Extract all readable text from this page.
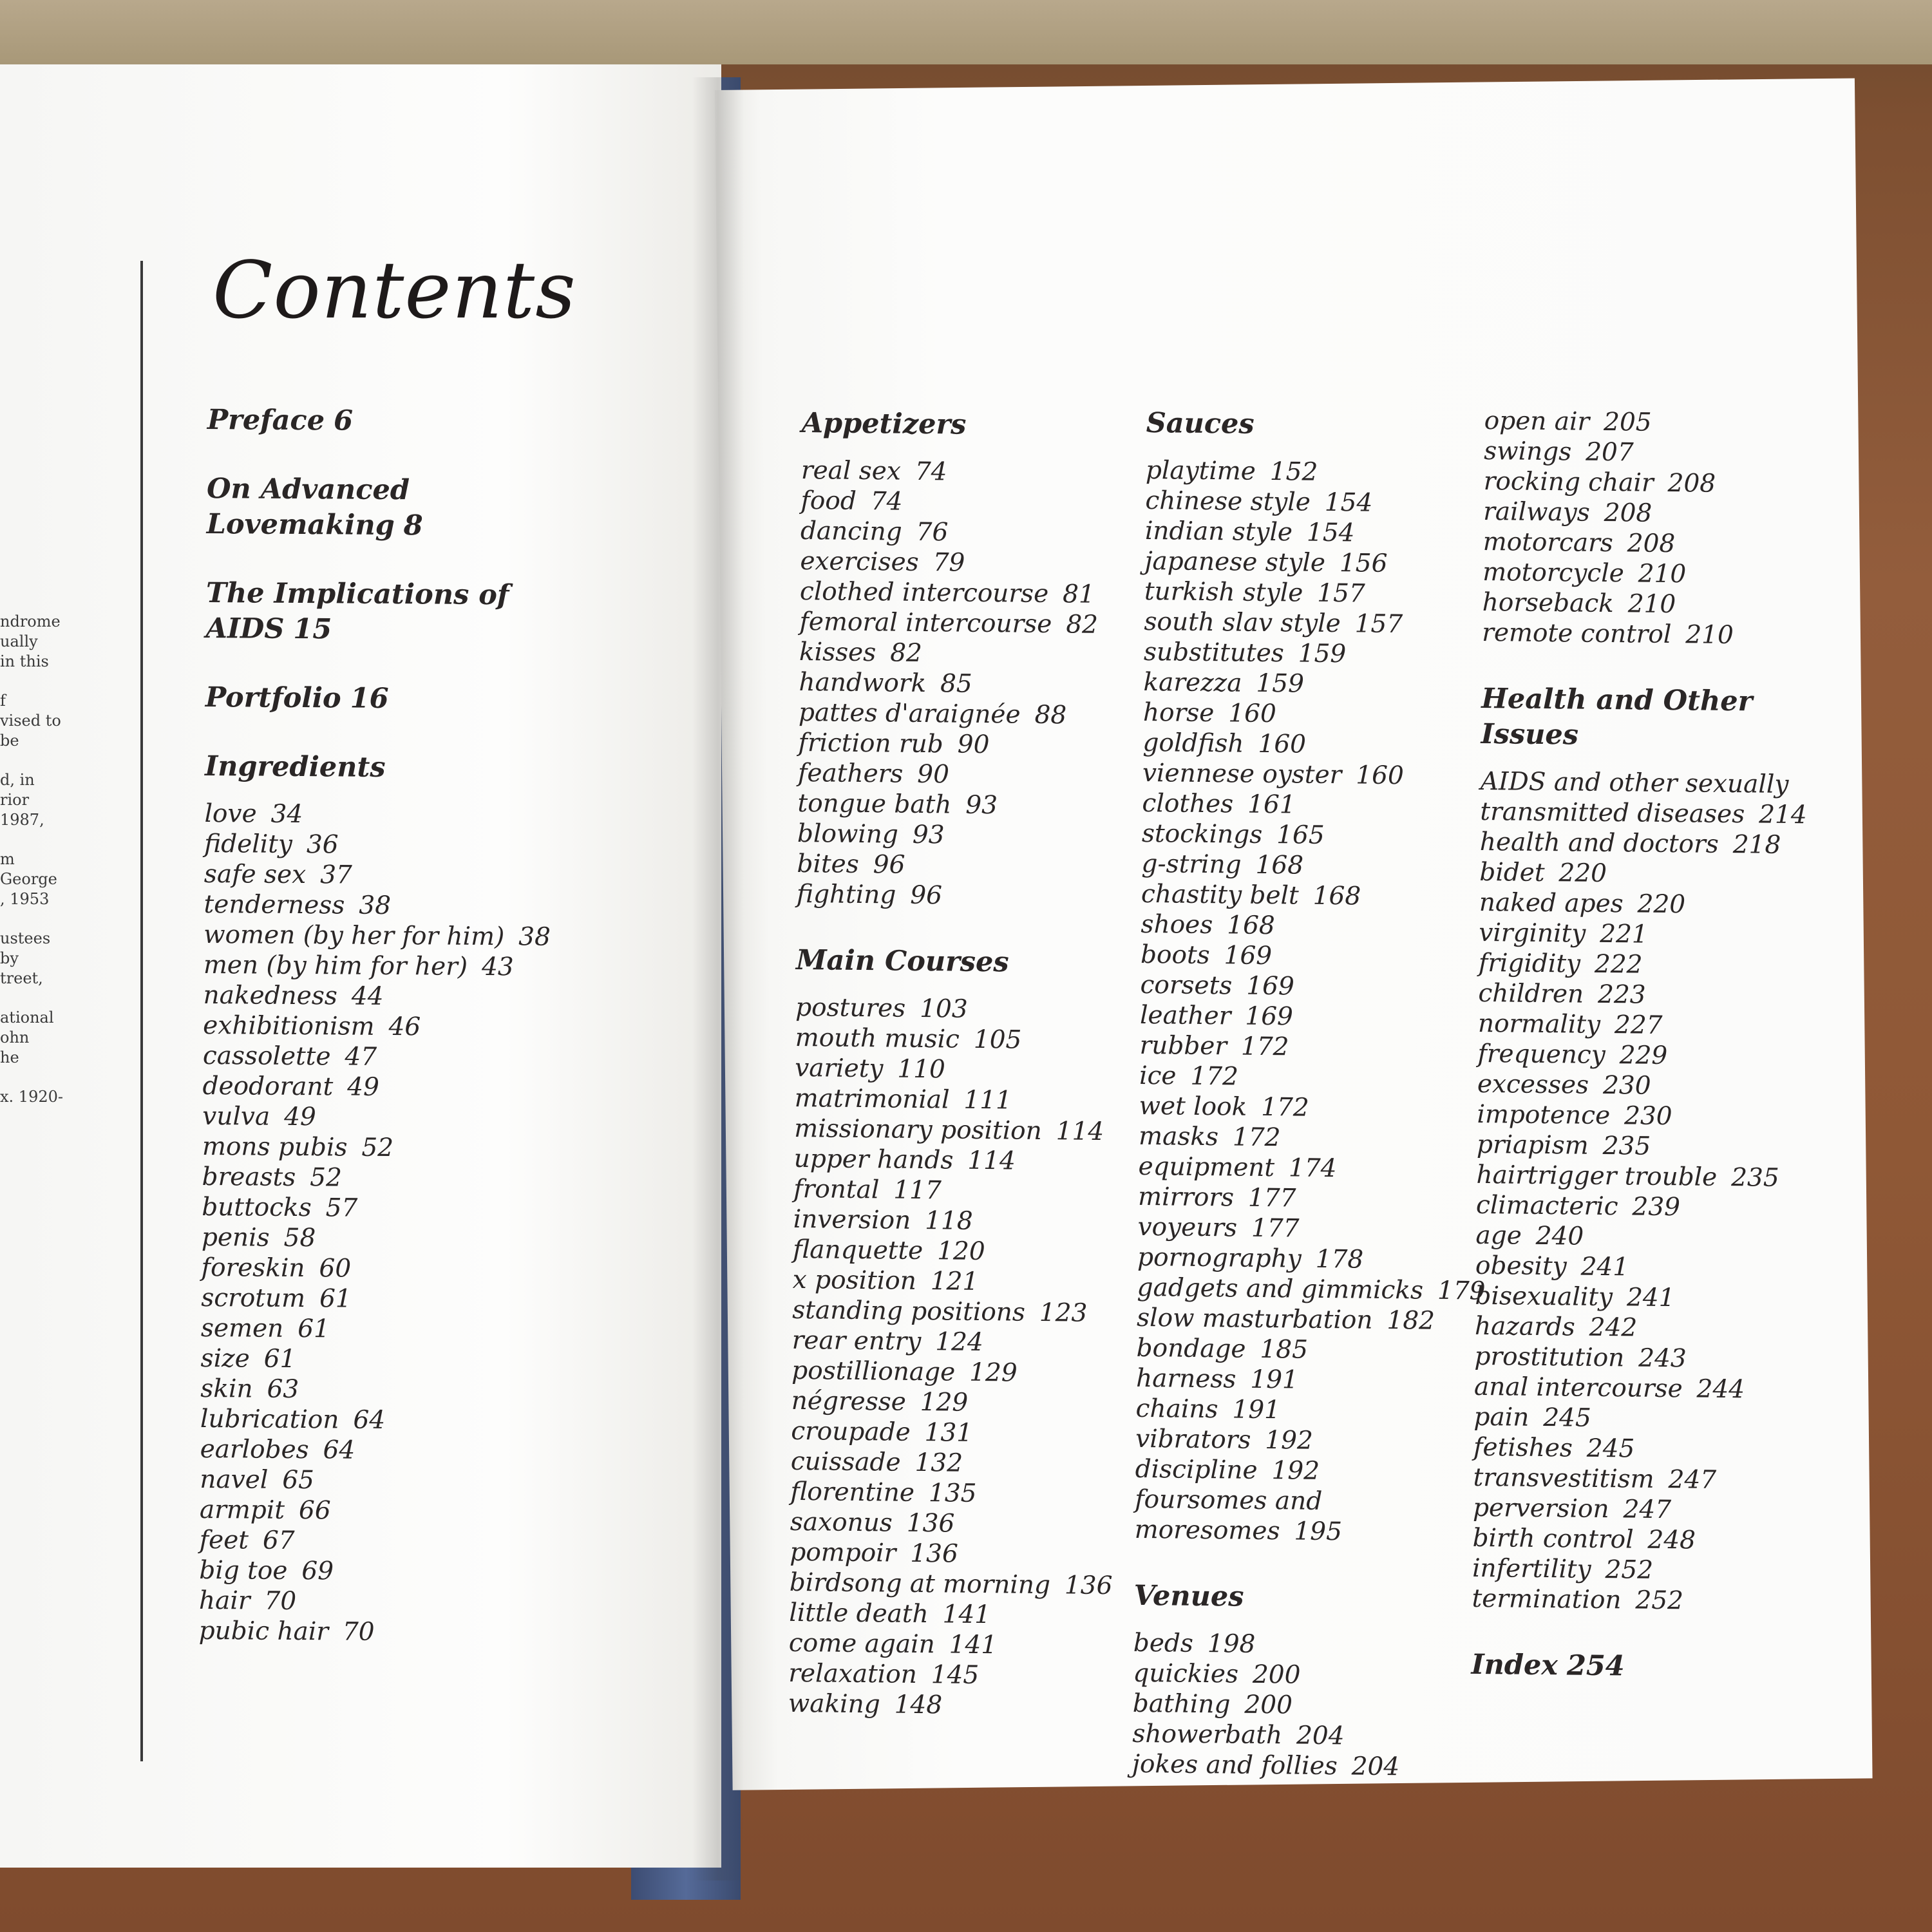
ndrome
ually
in this
f
vised to
be
d, in
rior
1987,
m
George
, 1953
ustees
by
treet,
ational
ohn
he
x. 1920-
Contents
Preface 6
On Advanced
Lovemaking 8
The Implications of
AIDS 15
Portfolio 16
Ingredients
love 34
fidelity 36
safe sex 37
tenderness 38
women (by her for him) 38
men (by him for her) 43
nakedness 44
exhibitionism 46
cassolette 47
deodorant 49
vulva 49
mons pubis 52
breasts 52
buttocks 57
penis 58
foreskin 60
scrotum 61
semen 61
size 61
skin 63
lubrication 64
earlobes 64
navel 65
armpit 66
feet 67
big toe 69
hair 70
pubic hair 70
Appetizers
real sex 74
food 74
dancing 76
exercises 79
clothed intercourse 81
femoral intercourse 82
kisses 82
handwork 85
pattes d'araignée 88
friction rub 90
feathers 90
tongue bath 93
blowing 93
bites 96
fighting 96
Main Courses
postures 103
mouth music 105
variety 110
matrimonial 111
missionary position 114
upper hands 114
frontal 117
inversion 118
flanquette 120
x position 121
standing positions 123
rear entry 124
postillionage 129
négresse 129
croupade 131
cuissade 132
florentine 135
saxonus 136
pompoir 136
birdsong at morning 136
little death 141
come again 141
relaxation 145
waking 148
Sauces
playtime 152
chinese style 154
indian style 154
japanese style 156
turkish style 157
south slav style 157
substitutes 159
karezza 159
horse 160
goldfish 160
viennese oyster 160
clothes 161
stockings 165
g-string 168
chastity belt 168
shoes 168
boots 169
corsets 169
leather 169
rubber 172
ice 172
wet look 172
masks 172
equipment 174
mirrors 177
voyeurs 177
pornography 178
gadgets and gimmicks 179
slow masturbation 182
bondage 185
harness 191
chains 191
vibrators 192
discipline 192
foursomes and
moresomes 195
Venues
beds 198
quickies 200
bathing 200
showerbath 204
jokes and follies 204
open air 205
swings 207
rocking chair 208
railways 208
motorcars 208
motorcycle 210
horseback 210
remote control 210
Health and Other Issues
AIDS and other sexually
transmitted diseases 214
health and doctors 218
bidet 220
naked apes 220
virginity 221
frigidity 222
children 223
normality 227
frequency 229
excesses 230
impotence 230
priapism 235
hairtrigger trouble 235
climacteric 239
age 240
obesity 241
bisexuality 241
hazards 242
prostitution 243
anal intercourse 244
pain 245
fetishes 245
transvestitism 247
perversion 247
birth control 248
infertility 252
termination 252
Index 254
